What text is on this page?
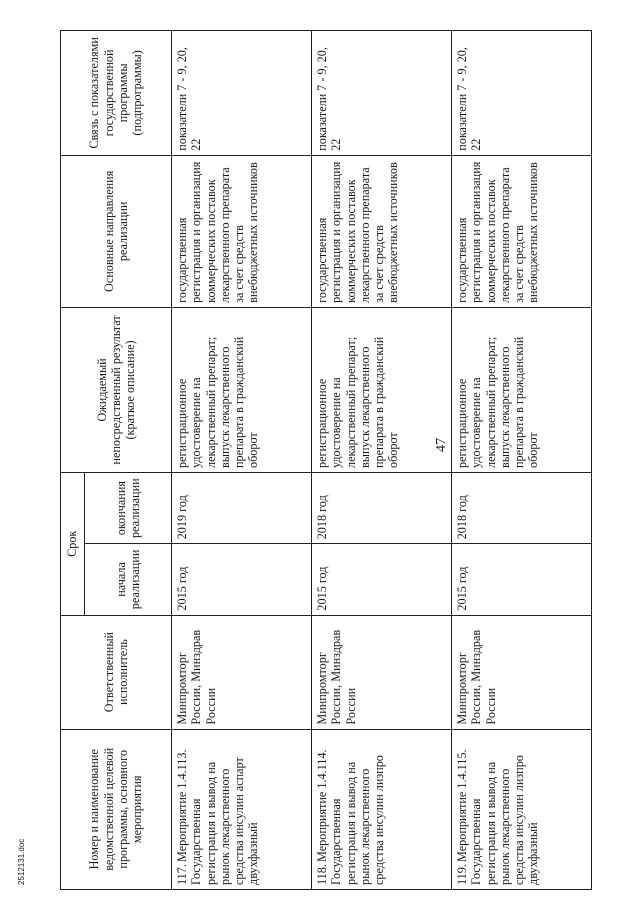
47
Номер и наименование ведомственной целевой программы, основного мероприятия	Ответственный исполнитель	Срок		Ожидаемый непосредственный результат (краткое описание)	Основные направления реализации	Связь с показателями государственной программы (подпрограммы)
		начала реализации	окончания реализации			
117. Мероприятие 1.4.113. Государственная регистрация и вывод на рынок лекарственного средства инсулин аспарт двухфазный	Минпромторг России, Минздрав России	2015 год	2019 год	регистрационное удостоверение на лекарственный препарат; выпуск лекарственного препарата в гражданский оборот	государственная регистрация и организация коммерческих поставок лекарственного препарата за счет средств внебюджетных источников	показатели 7 - 9, 20, 22
118. Мероприятие 1.4.114. Государственная регистрация и вывод на рынок лекарственного средства инсулин лизпро	Минпромторг России, Минздрав России	2015 год	2018 год	регистрационное удостоверение на лекарственный препарат; выпуск лекарственного препарата в гражданский оборот	государственная регистрация и организация коммерческих поставок лекарственного препарата за счет средств внебюджетных источников	показатели 7 - 9, 20, 22
119. Мероприятие 1.4.115. Государственная регистрация и вывод на рынок лекарственного средства инсулин лизпро двухфазный	Минпромторг России, Минздрав России	2015 год	2018 год	регистрационное удостоверение на лекарственный препарат; выпуск лекарственного препарата в гражданский оборот	государственная регистрация и организация коммерческих поставок лекарственного препарата за счет средств внебюджетных источников	показатели 7 - 9, 20, 22
2512131.doc
